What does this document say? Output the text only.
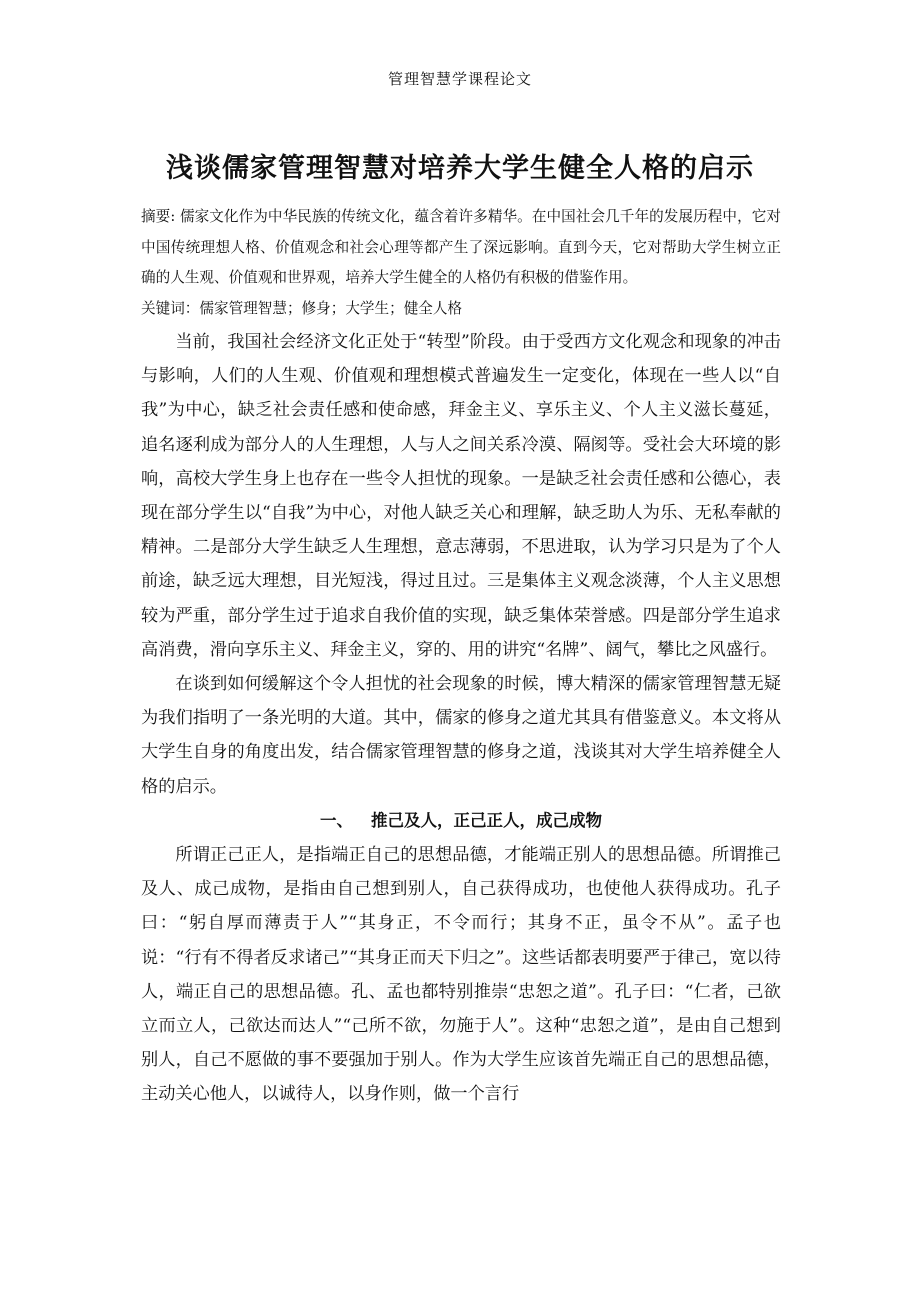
管理智慧学课程论文
浅谈儒家管理智慧对培养大学生健全人格的启示

摘要: 儒家文化作为中华民族的传统文化，蕴含着许多精华。在中国社会几千年的发展历程中，它对中国传统理想人格、价值观念和社会心理等都产生了深远影响。直到今天，它对帮助大学生树立正确的人生观、价值观和世界观，培养大学生健全的人格仍有积极的借鉴作用。

关键词：儒家管理智慧；修身；大学生；健全人格

当前，我国社会经济文化正处于“转型”阶段。由于受西方文化观念和现象的冲击与影响，人们的人生观、价值观和理想模式普遍发生一定变化，体现在一些人以“自我”为中心，缺乏社会责任感和使命感，拜金主义、享乐主义、个人主义滋长蔓延，追名逐利成为部分人的人生理想，人与人之间关系冷漠、隔阂等。受社会大环境的影响，高校大学生身上也存在一些令人担忧的现象。一是缺乏社会责任感和公德心，表现在部分学生以“自我”为中心，对他人缺乏关心和理解，缺乏助人为乐、无私奉献的精神。二是部分大学生缺乏人生理想，意志薄弱，不思进取，认为学习只是为了个人前途，缺乏远大理想，目光短浅，得过且过。三是集体主义观念淡薄，个人主义思想较为严重，部分学生过于追求自我价值的实现，缺乏集体荣誉感。四是部分学生追求高消费，滑向享乐主义、拜金主义，穿的、用的讲究“名牌”、阔气，攀比之风盛行。

在谈到如何缓解这个令人担忧的社会现象的时候，博大精深的儒家管理智慧无疑为我们指明了一条光明的大道。其中，儒家的修身之道尤其具有借鉴意义。本文将从大学生自身的角度出发，结合儒家管理智慧的修身之道，浅谈其对大学生培养健全人格的启示。

一、 推己及人，正己正人，成己成物

所谓正己正人，是指端正自己的思想品德，才能端正别人的思想品德。所谓推己及人、成己成物，是指由自己想到别人，自己获得成功，也使他人获得成功。孔子曰：“躬自厚而薄责于人”“其身正，不令而行；其身不正，虽令不从”。孟子也说：“行有不得者反求诸己”“其身正而天下归之”。这些话都表明要严于律己，宽以待人，端正自己的思想品德。孔、孟也都特别推崇“忠恕之道”。孔子曰：“仁者，己欲立而立人，己欲达而达人”“己所不欲，勿施于人”。这种“忠恕之道”，是由自己想到别人，自己不愿做的事不要强加于别人。作为大学生应该首先端正自己的思想品德，主动关心他人，以诚待人，以身作则，做一个言行
